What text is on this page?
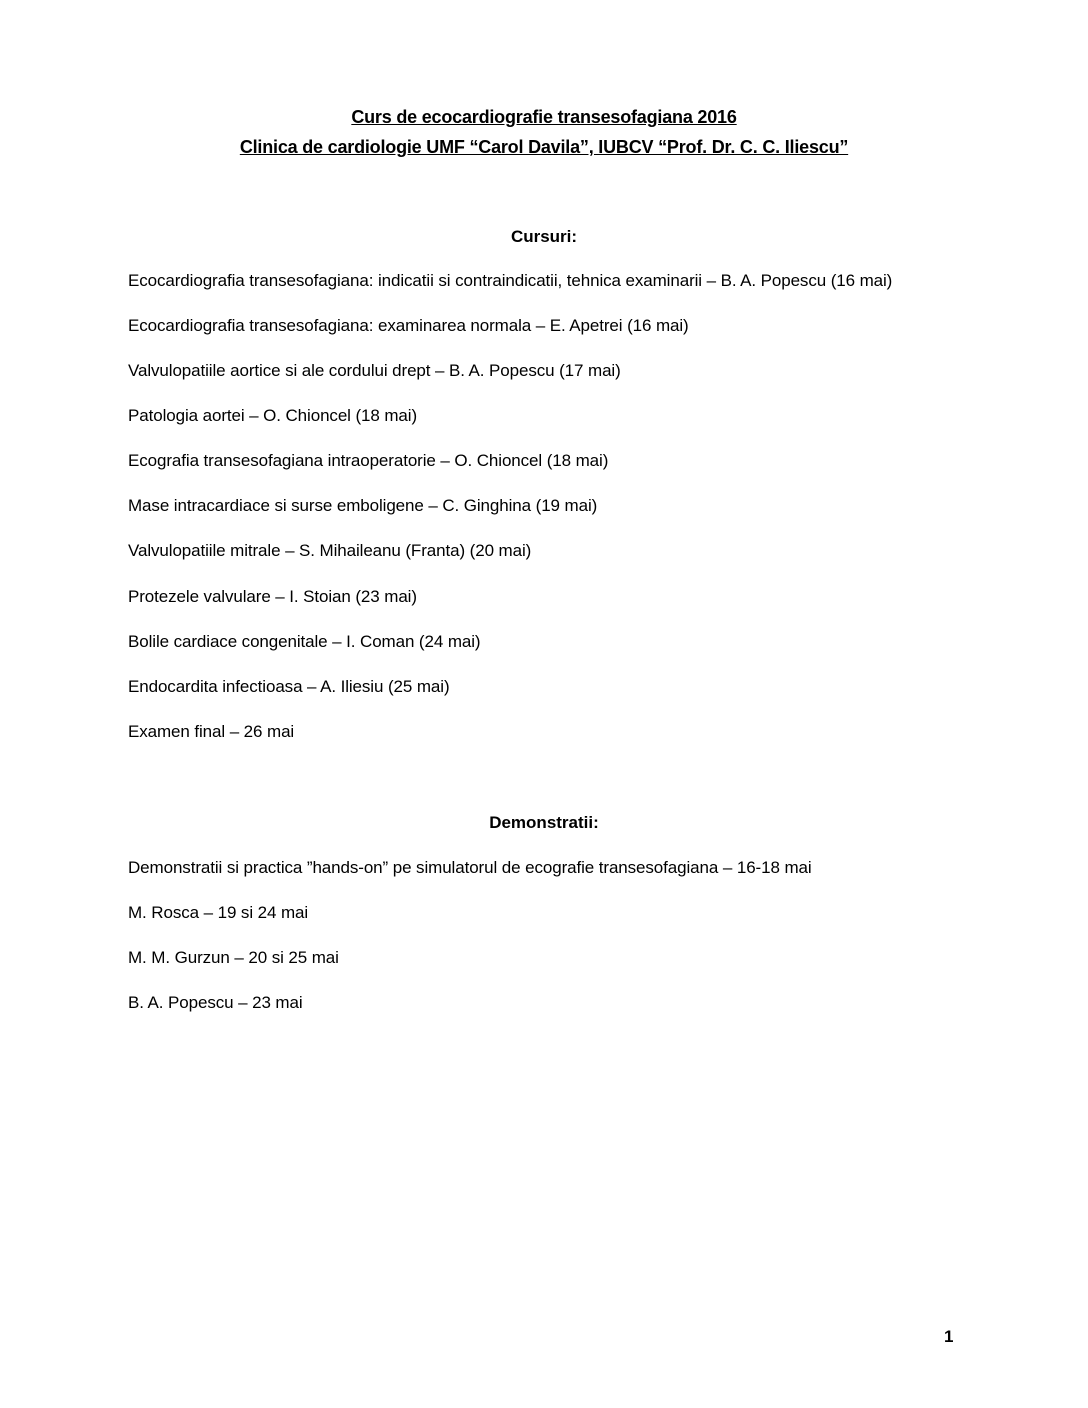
Curs de ecocardiografie transesofagiana 2016
Clinica de cardiologie UMF “Carol Davila”, IUBCV “Prof. Dr. C. C. Iliescu”
Cursuri:
Ecocardiografia transesofagiana: indicatii si contraindicatii, tehnica examinarii – B. A. Popescu (16 mai)
Ecocardiografia transesofagiana: examinarea normala – E. Apetrei (16 mai)
Valvulopatiile aortice si ale cordului drept – B. A. Popescu (17 mai)
Patologia aortei – O. Chioncel (18 mai)
Ecografia transesofagiana intraoperatorie – O. Chioncel (18 mai)
Mase intracardiace si surse emboligene – C. Ginghina (19 mai)
Valvulopatiile mitrale – S. Mihaileanu (Franta) (20 mai)
Protezele valvulare – I. Stoian (23 mai)
Bolile cardiace congenitale – I. Coman (24 mai)
Endocardita infectioasa – A. Iliesiu (25 mai)
Examen final – 26 mai
Demonstratii:
Demonstratii si practica ”hands-on” pe simulatorul de ecografie transesofagiana – 16-18 mai
M. Rosca – 19 si 24 mai
M. M. Gurzun – 20 si 25 mai
B. A. Popescu – 23 mai
1
